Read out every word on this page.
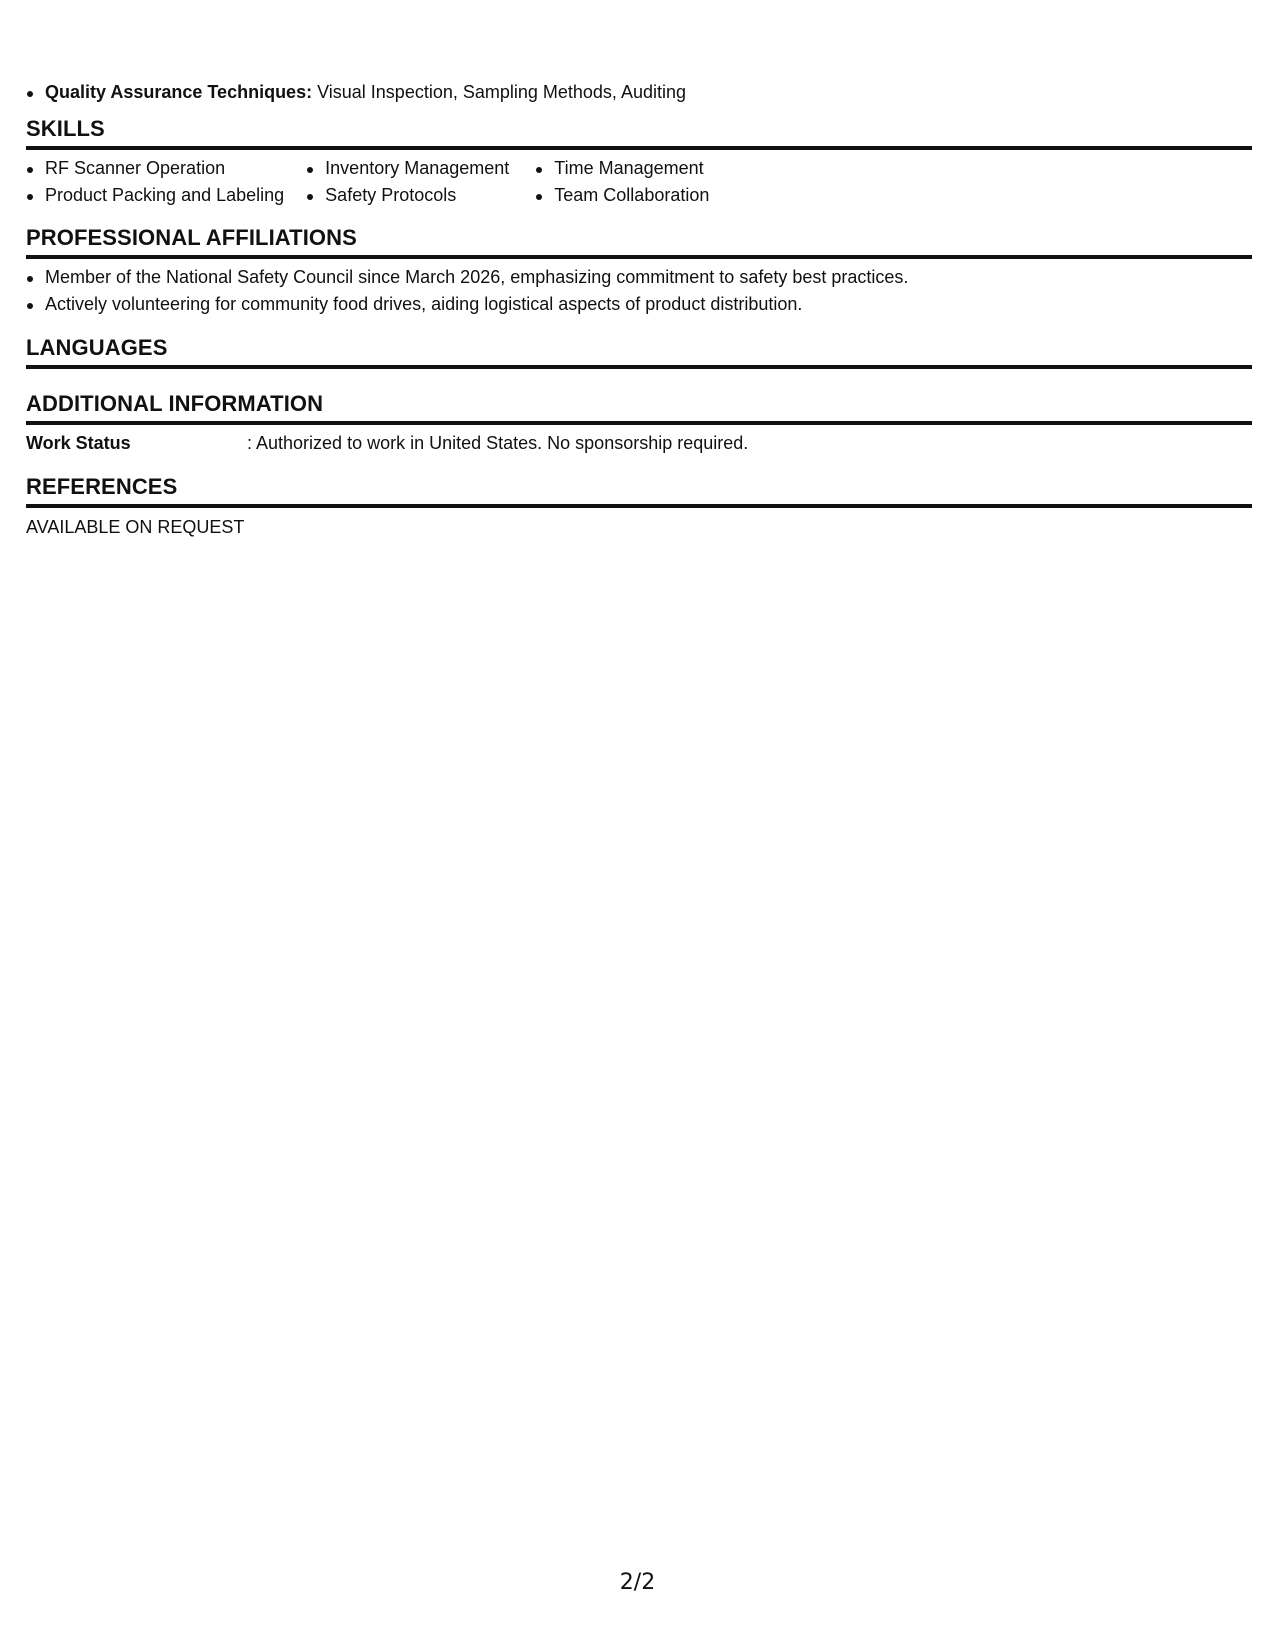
Quality Assurance Techniques: Visual Inspection, Sampling Methods, Auditing
SKILLS
RF Scanner Operation
Product Packing and Labeling
Inventory Management
Safety Protocols
Time Management
Team Collaboration
PROFESSIONAL AFFILIATIONS
Member of the National Safety Council since March 2026, emphasizing commitment to safety best practices.
Actively volunteering for community food drives, aiding logistical aspects of product distribution.
LANGUAGES
ADDITIONAL INFORMATION
Work Status	: Authorized to work in United States. No sponsorship required.
REFERENCES
AVAILABLE ON REQUEST
2/2
